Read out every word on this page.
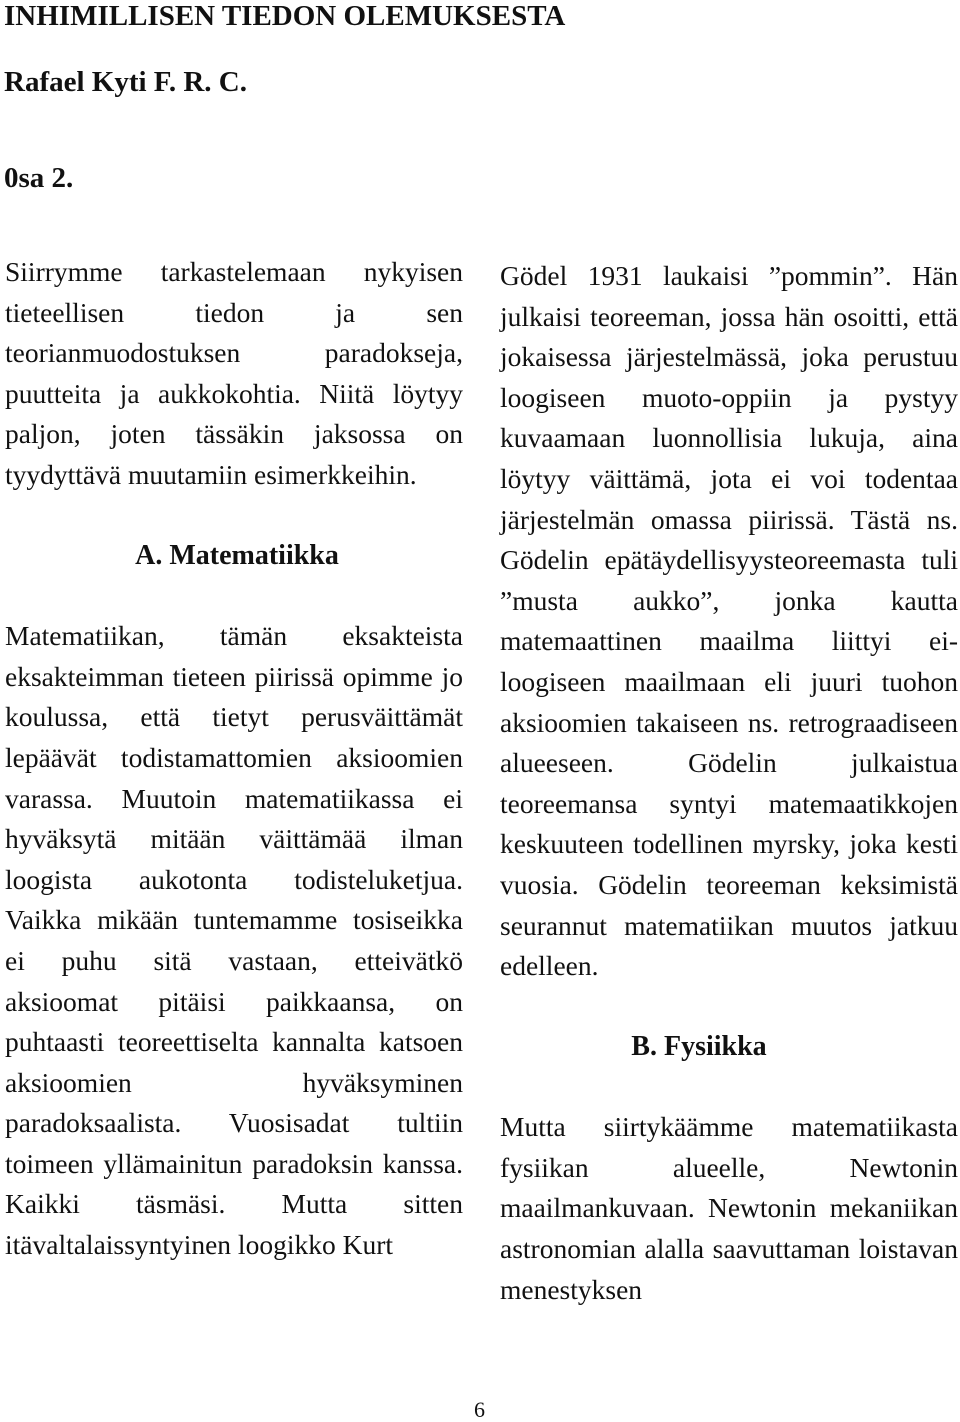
INHIMILLISEN TIEDON OLEMUKSESTA
Rafael Kyti F. R. C.
0sa 2.

Siirrymme tarkastelemaan nykyisen tieteellisen tiedon ja sen teorianmuodostuksen paradokseja, puutteita ja aukkokohtia. Niitä löytyy paljon, joten tässäkin jaksossa on tyydyttävä muutamiin esimerkkeihin.

A. Matematiikka

Matematiikan, tämän eksakteista eksakteimman tieteen piirissä opimme jo koulussa, että tietyt perusväittämät lepäävät todistamattomien aksioomien varassa. Muutoin matematiikassa ei hyväksytä mitään väittämää ilman loogista aukotonta todisteluketjua. Vaikka mikään tuntemamme tosiseikka ei puhu sitä vastaan, etteivätkö aksioomat pitäisi paikkaansa, on puhtaasti teoreettiselta kannalta katsoen aksioomien hyväksyminen paradoksaalista. Vuosisadat tultiin toimeen yllämainitun paradoksin kanssa. Kaikki täsmäsi. Mutta sitten itävaltalaissyntyinen loogikko Kurt

Gödel 1931 laukaisi ”pommin”. Hän julkaisi teoreeman, jossa hän osoitti, että jokaisessa järjestelmässä, joka perustuu loogiseen muoto-oppiin ja pystyy kuvaamaan luonnollisia lukuja, aina löytyy väittämä, jota ei voi todentaa järjestelmän omassa piirissä. Tästä ns. Gödelin epätäydellisyysteoreemasta tuli ”musta aukko”, jonka kautta matemaattinen maailma liittyi ei-loogiseen maailmaan eli juuri tuohon aksioomien takaiseen ns. retrograadiseen alueeseen. Gödelin julkaistua teoreemansa syntyi matemaatikkojen keskuuteen todellinen myrsky, joka kesti vuosia. Gödelin teoreeman keksimistä seurannut matematiikan muutos jatkuu edelleen.

B. Fysiikka

Mutta siirtykäämme matematiikasta fysiikan alueelle, Newtonin maailmankuvaan. Newtonin mekaniikan astronomian alalla saavuttaman loistavan menestyksen

6
